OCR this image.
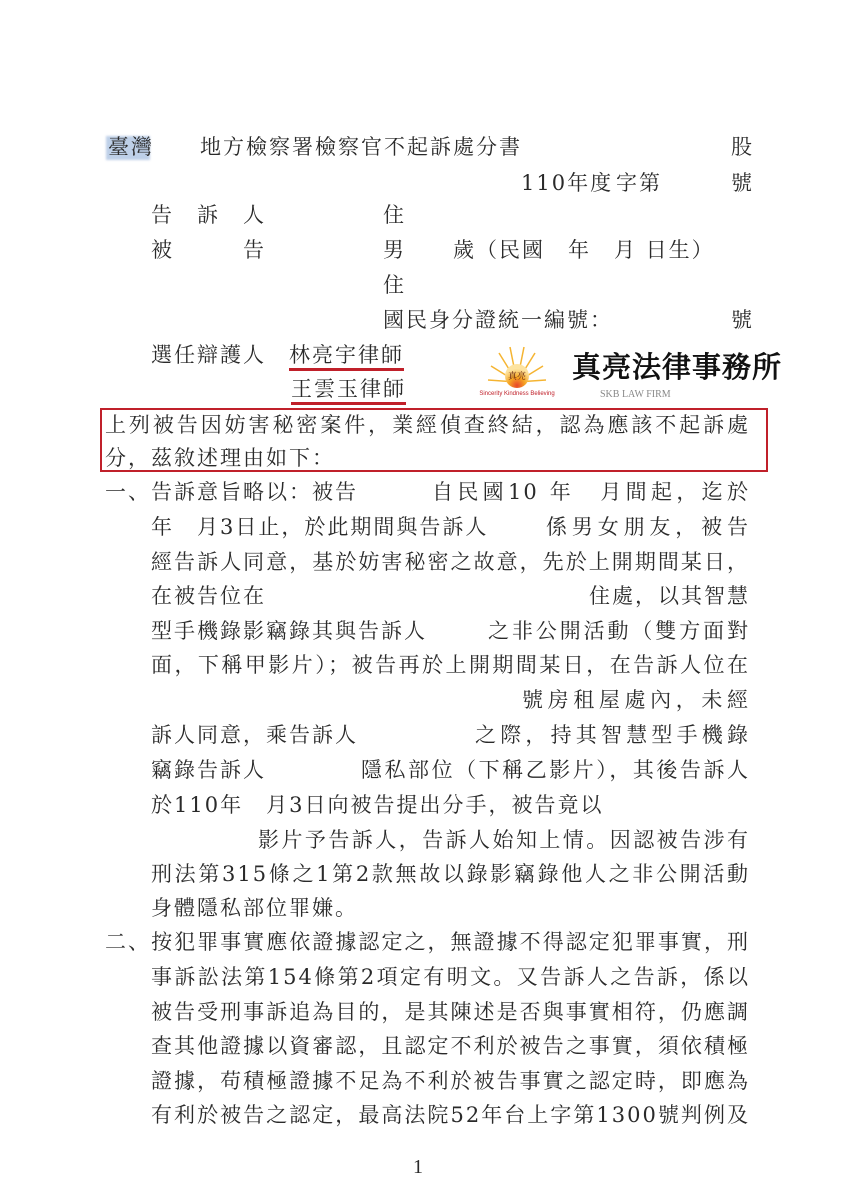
臺灣 地方檢察署檢察官不起訴處分書	股
110年度 字第	號
告　訴　人	住
被　　　告	男 歲（民國　年　月 日生）
住
國民身分證統一編號：	號
選任辯護人 林亮宇律師
王雲玉律師	真亮
Sincerity Kindness Believing
真亮法律事務所
SKB LAW FIRM
上列被告因妨害秘密案件，業經偵查終結，認為應該不起訴處
分，茲敘述理由如下：
一、告訴意旨略以：被告	自民國10 年　月間起，迄於
年　月3日止，於此期間與告訴人	係男女朋友，被告
經告訴人同意，基於妨害秘密之故意，先於上開期間某日，
在被告位在	住處，以其智慧
型手機錄影竊錄其與告訴人	之非公開活動（雙方面對
面，下稱甲影片）；被告再於上開期間某日，在告訴人位在
號房租屋處內，未經
訴人同意，乘告訴人	之際，持其智慧型手機錄
竊錄告訴人	隱私部位（下稱乙影片），其後告訴人
於110年　月3日向被告提出分手，被告竟以
影片予告訴人，告訴人始知上情。因認被告涉有
刑法第315條之1第2款無故以錄影竊錄他人之非公開活動
身體隱私部位罪嫌。
二、按犯罪事實應依證據認定之，無證據不得認定犯罪事實，刑
事訴訟法第154條第2項定有明文。又告訴人之告訴，係以
被告受刑事訴追為目的，是其陳述是否與事實相符，仍應調
查其他證據以資審認，且認定不利於被告之事實，須依積極
證據，苟積極證據不足為不利於被告事實之認定時，即應為
有利於被告之認定，最高法院52年台上字第1300號判例及
1
